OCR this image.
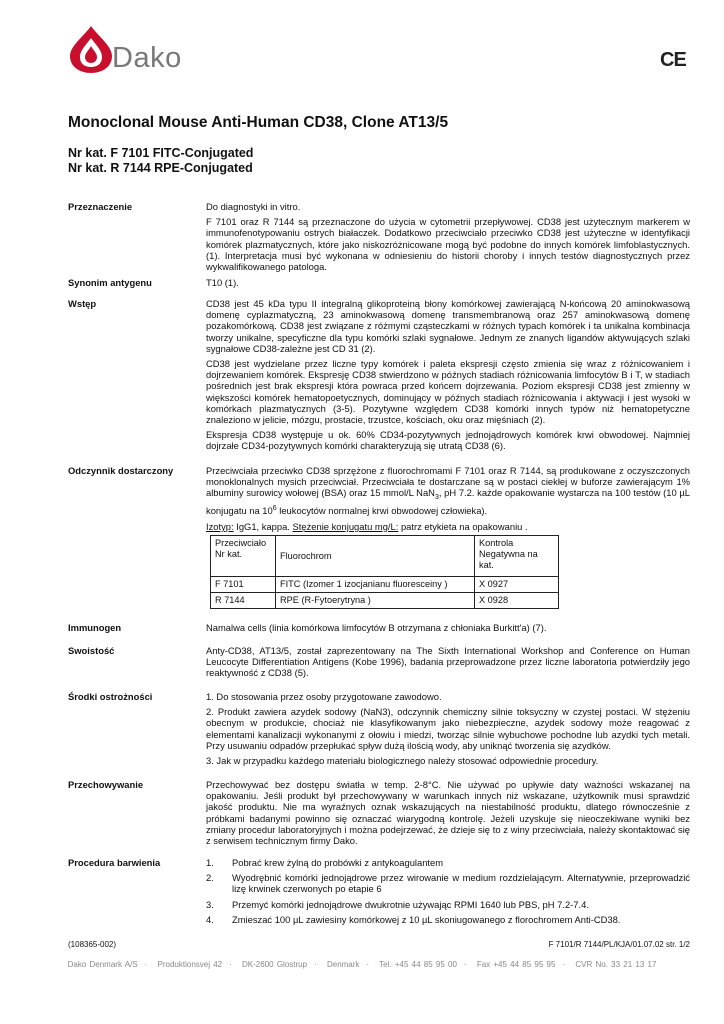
Dako	CE
Monoclonal Mouse Anti-Human CD38, Clone AT13/5
Nr kat. F 7101 FITC-Conjugated
Nr kat. R 7144 RPE-Conjugated
Przeznaczenie	Do diagnostyki in vitro.

F 7101 oraz R 7144 są przeznaczone do użycia w cytometrii przepływowej. CD38 jest użytecznym markerem w immunofenotypowaniu ostrych białaczek. Dodatkowo przeciwciało przeciwko CD38 jest użyteczne w identyfikacji komórek plazmatycznych, które jako niskozróżnicowane mogą być podobne do innych komórek limfoblastycznych. (1). Interpretacja musi być wykonana w odniesieniu do historii choroby i innych testów diagnostycznych przez wykwalifikowanego patologa.

Synonim antygenu	T10 (1).

Wstęp	CD38 jest 45 kDa typu II integralną glikoproteiną błony komórkowej zawierającą N-końcową 20 aminokwasową domenę cyplazmatyczną, 23 aminokwasową domenę transmembranową oraz 257 aminokwasową domenę pozakomórkową. CD38 jest związane z różmymi cząsteczkami w różnych typach komórek i ta unikalna kombinacja tworzy unikalne, specyficzne dla typu komórki szlaki sygnałowe. Jednym ze znanych ligandów aktywujących szlaki sygnałowe CD38-zależne jest CD 31 (2).

CD38 jest wydzielane przez liczne typy komórek i paleta ekspresji często zmienia się wraz z różnicowaniem i dojrzewaniem komórek. Ekspresję CD38 stwierdzono w późnych stadiach różnicowania limfocytów B i T, w stadiach pośrednich jest brak ekspresji która powraca przed końcem dojrzewania. Poziom ekspresji CD38 jest zmienny w większości komórek hematopoetycznych, dominujący w późnych stadiach różnicowania i aktywacji i jest wysoki w komórkach plazmatycznych (3-5). Pozytywne względem CD38 komórki innych typów niż hematopetyczne znaleziono w jelicie, mózgu, prostacie, trzustce, kościach, oku oraz mięśniach (2).

Ekspresja CD38 występuje u ok. 60% CD34-pozytywnych jednojądrowych komórek krwi obwodowej. Najmniej dojrzałe CD34-pozytywnych komórki charakteryzują się utratą CD38 (6).

Odczynnik dostarczony	Przeciwciała przeciwko CD38 sprzężone z fluorochromami F 7101 oraz R 7144, są produkowane z oczyszczonych monoklonalnych mysich przeciwciał. Przeciwciała te dostarczane są w postaci ciekłej w buforze zawierającym 1% albuminy surowicy wołowej (BSA) oraz 15 mmol/L NaN$_3$, pH 7.2. każde opakowanie wystarcza na 100 testów (10 µL konjugatu na $10^6$ leukocytów normalnej krwi obwodowej człowieka).

Izotyp: IgG1, kappa. Stężenie konjugatu mg/L: patrz etykieta na opakowaniu .

Przeciwciało Nr kat.	Fluorochrom	Kontrola Negatywna na kat.
F 7101	FITC (Izomer 1 izocjanianu fluoresceiny )	X 0927
R 7144	RPE (R-Fytoerytryna )	X 0928
Immunogen	Namalwa cells (linia komórkowa limfocytów B otrzymana z chłoniaka Burkitt'a) (7).

Swoistość	Anty-CD38, AT13/5, został zaprezentowany na The Sixth International Workshop and Conference on Human Leucocyte Differentiation Antigens (Kobe 1996), badania przeprowadzone przez liczne laboratoria potwierdziły jego reaktywność z CD38 (5).

Środki ostrożności	1. Do stosowania przez osoby przygotowane zawodowo.

2. Produkt zawiera azydek sodowy (NaN3), odczynnik chemiczny silnie toksyczny w czystej postaci. W stężeniu obecnym w produkcie, chociaż nie klasyfikowanym jako niebezpieczne, azydek sodowy może reagować z elementami kanalizacji wykonanymi z ołowiu i miedzi, tworząc silnie wybuchowe pochodne lub azydki tych metali. Przy usuwaniu odpadów przepłukać spływ dużą ilością wody, aby uniknąć tworzenia się azydków.

3. Jak w przypadku każdego materiału biologicznego należy stosować odpowiednie procedury.

Przechowywanie	Przechowywać bez dostępu światła w temp. 2-8°C. Nie używać po upływie daty ważności wskazanej na opakowaniu. Jeśli produkt był przechowywany w warunkach innych niż wskazane, użytkownik musi sprawdzić jakość produktu. Nie ma wyraźnych oznak wskazujących na niestabilność produktu, dlatego równocześnie z próbkami badanymi powinno się oznaczać wiarygodną kontrolę. Jeżeli uzyskuje się nieoczekiwane wyniki bez zmiany procedur laboratoryjnych i można podejrzewać, że dzieje się to z winy przeciwciała, należy skontaktować się z serwisem technicznym firmy Dako.

Procedura barwienia	1.	Pobrać krew żylną do probówki z antykoagulantem
2.	Wyodrębnić komórki jednojądrowe przez wirowanie w medium rozdzielającym. Alternatywnie, przeprowadzić lizę krwinek czerwonych po etapie 6
3.	Przemyć komórki jednojądrowe dwukrotnie używając RPMI 1640 lub PBS, pH 7.2-7.4.
4.	Zmieszać 100 µL zawiesiny komórkowej z 10 µL skoniugowanego z florochromem Anti-CD38.
(108365-002)	F 7101/R 7144/PL/KJA/01.07.02 str. 1/2
Dako Denmark A/S · Produktionsvej 42 · DK-2600 Glostrup · Denmark · Tel. +45 44 85 95 00 · Fax +45 44 85 95 95 · CVR No. 33 21 13 17
